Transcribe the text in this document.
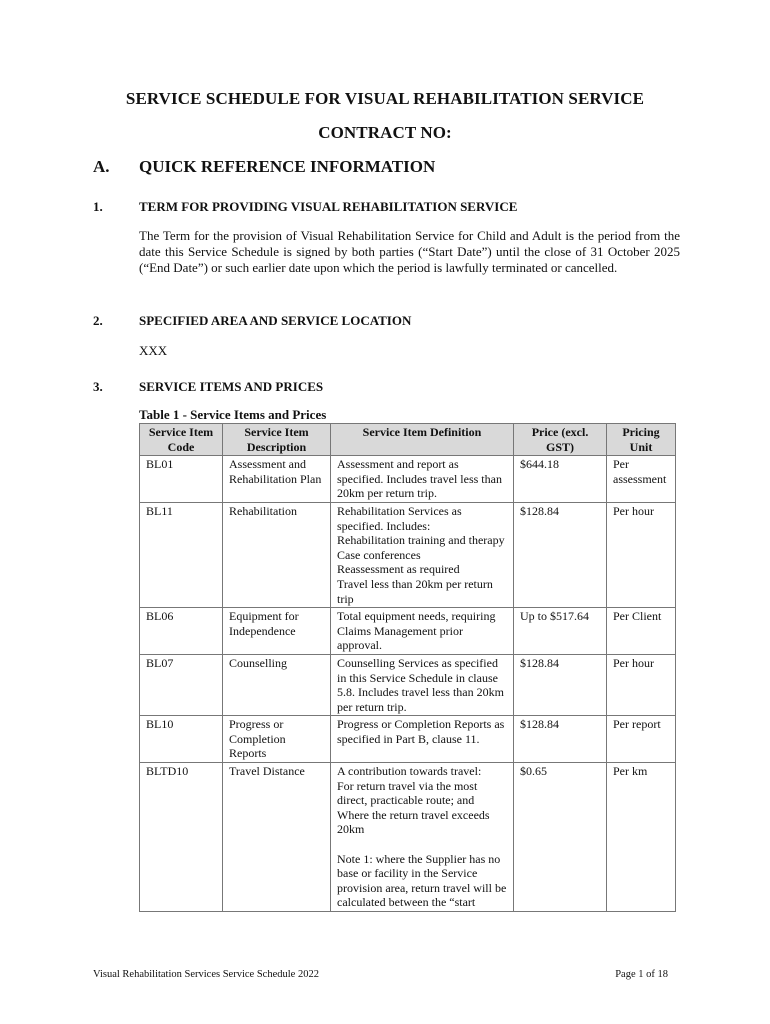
SERVICE SCHEDULE FOR VISUAL REHABILITATION SERVICE
CONTRACT NO:
A. QUICK REFERENCE INFORMATION
1.	TERM FOR PROVIDING VISUAL REHABILITATION SERVICE
The Term for the provision of Visual Rehabilitation Service for Child and Adult is the period from the date this Service Schedule is signed by both parties (“Start Date”) until the close of 31 October 2025 (“End Date”) or such earlier date upon which the period is lawfully terminated or cancelled.
2.	SPECIFIED AREA AND SERVICE LOCATION
XXX
3.	SERVICE ITEMS AND PRICES
Table 1 - Service Items and Prices
Service Item Code	Service Item Description	Service Item Definition	Price (excl. GST)	Pricing Unit
BL01	Assessment and Rehabilitation Plan	Assessment and report as specified. Includes travel less than 20km per return trip.	$644.18	Per assessment
BL11	Rehabilitation	Rehabilitation Services as specified. Includes:
Rehabilitation training and therapy
Case conferences
Reassessment as required
Travel less than 20km per return trip	$128.84	Per hour
BL06	Equipment for Independence	Total equipment needs, requiring Claims Management prior approval.	Up to $517.64	Per Client
BL07	Counselling	Counselling Services as specified in this Service Schedule in clause 5.8. Includes travel less than 20km per return trip.	$128.84	Per hour
BL10	Progress or Completion Reports	Progress or Completion Reports as specified in Part B, clause 11.	$128.84	Per report
BLTD10	Travel Distance	A contribution towards travel:
For return travel via the most direct, practicable route; and
Where the return travel exceeds 20km

Note 1: where the Supplier has no base or facility in the Service provision area, return travel will be calculated between the “start	$0.65	Per km
Visual Rehabilitation Services Service Schedule 2022	Page 1 of 18
